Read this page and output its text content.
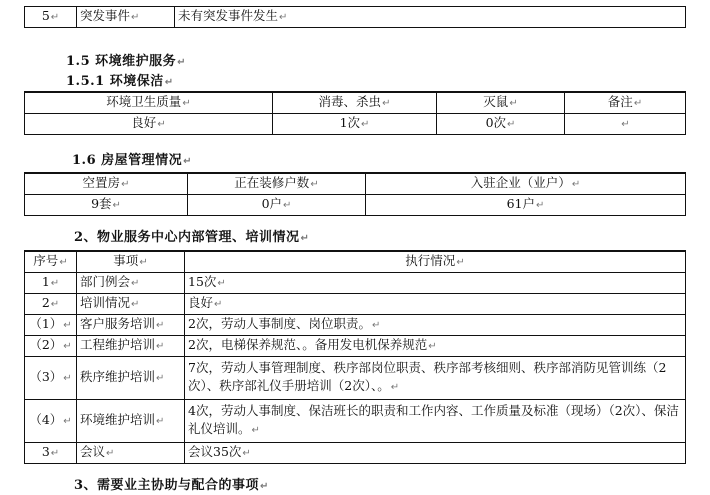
5↵	突发事件↵	未有突发事件发生↵
1.5 环境维护服务↵
1.5.1 环境保洁↵
环境卫生质量↵	消毒、杀虫↵	灭鼠↵	备注↵
良好↵	1次↵	0次↵	↵
1.6 房屋管理情况↵
空置房↵	正在装修户数↵	入驻企业（业户）↵
9套↵	0户↵	61户↵
2、物业服务中心内部管理、培训情况↵
序号↵	事项↵	执行情况↵
1↵	部门例会↵	15次↵
2↵	培训情况↵	良好↵
（1）↵	客户服务培训↵	2次，劳动人事制度、岗位职责。↵
（2）↵	工程维护培训↵	2次，电梯保养规范、。备用发电机保养规范↵
（3）↵	秩序维护培训↵	7次，劳动人事管理制度、秩序部岗位职责、秩序部考核细则、秩序部消防见管训练（2次）、秩序部礼仪手册培训（2次）、。↵
（4）↵	环境维护培训↵	4次，劳动人事制度、保洁班长的职责和工作内容、工作质量及标准（现场）（2次）、保洁礼仪培训。↵
3↵	会议↵	会议35次↵
3、需要业主协助与配合的事项↵
